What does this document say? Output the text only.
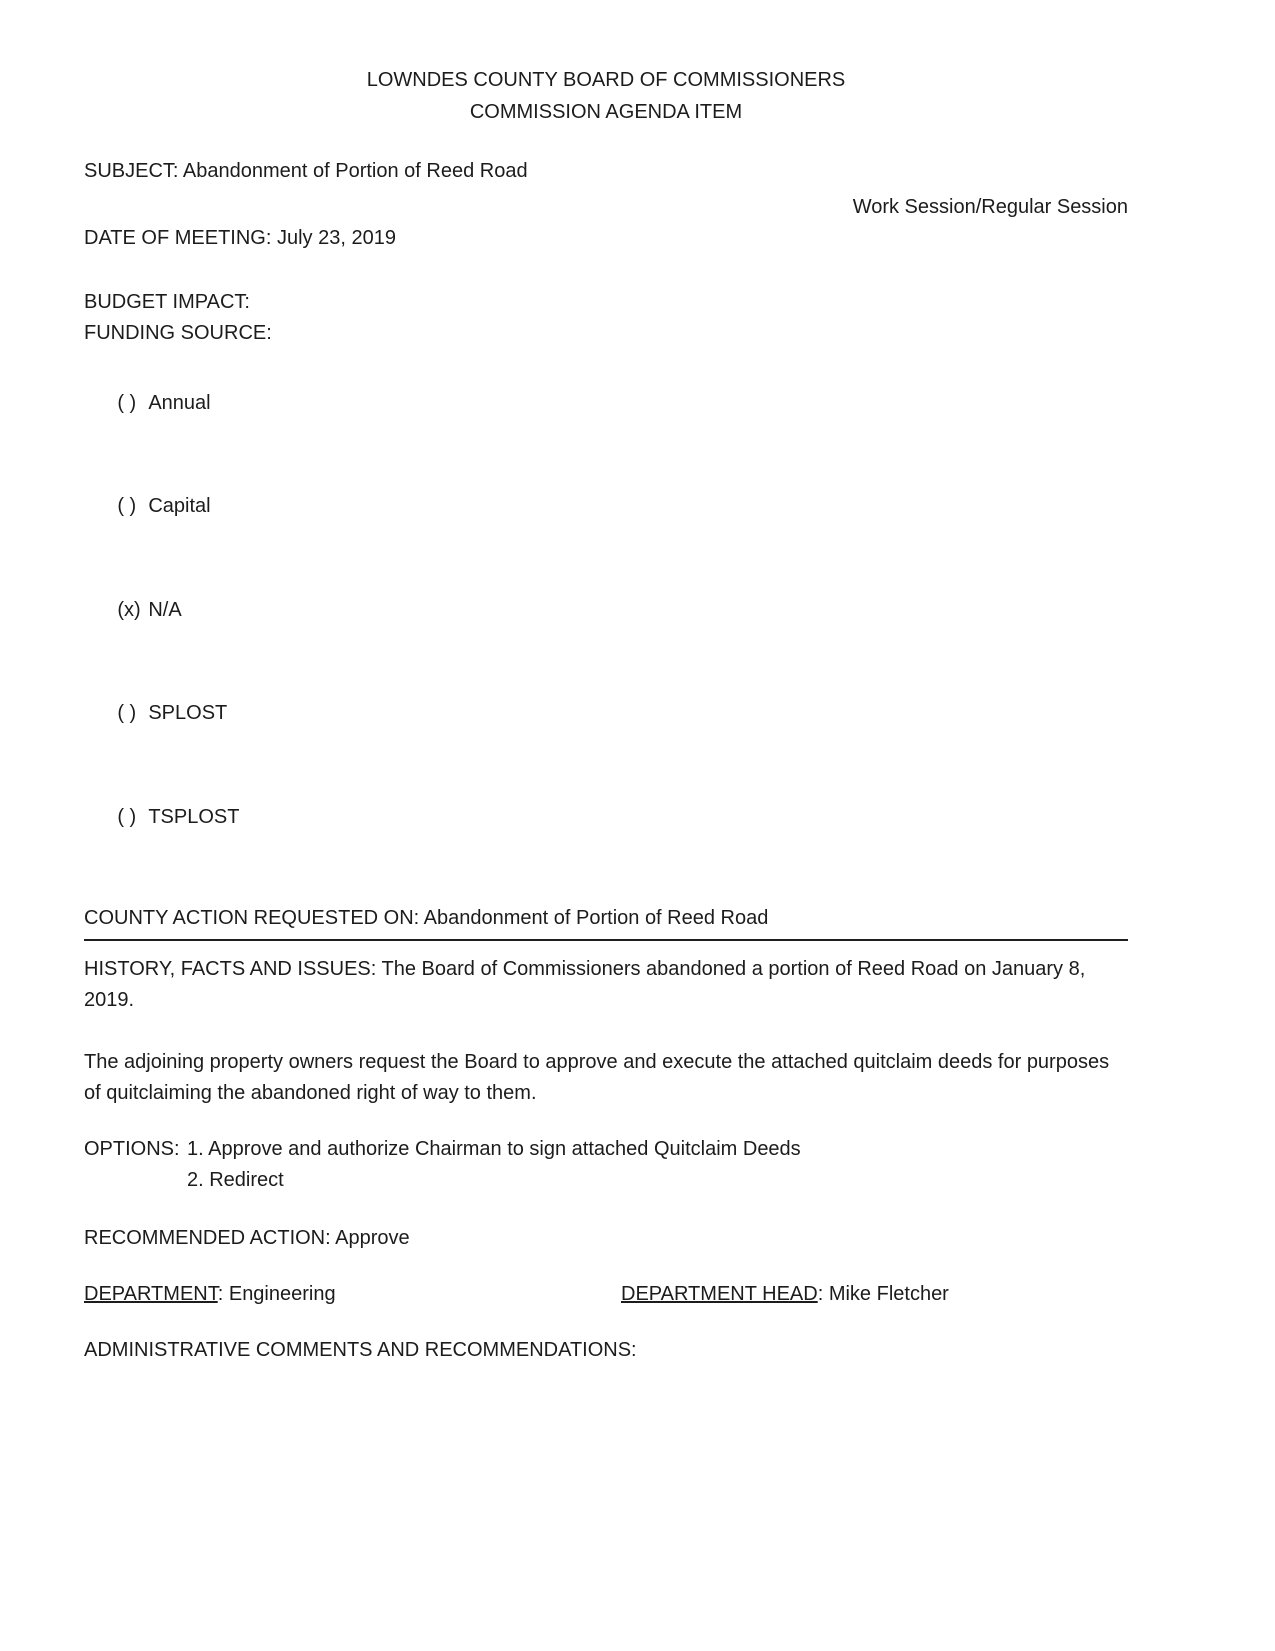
LOWNDES COUNTY BOARD OF COMMISSIONERS
COMMISSION AGENDA ITEM
SUBJECT: Abandonment of Portion of Reed Road
Work Session/Regular Session
DATE OF MEETING: July 23, 2019
BUDGET IMPACT:
FUNDING SOURCE:

( ) Annual

( ) Capital

(x) N/A

( ) SPLOST

( ) TSPLOST

COUNTY ACTION REQUESTED ON: Abandonment of Portion of Reed Road
HISTORY, FACTS AND ISSUES: The Board of Commissioners abandoned a portion of Reed Road on January 8, 2019.
The adjoining property owners request the Board to approve and execute the attached quitclaim deeds for purposes of quitclaiming the abandoned right of way to them.
OPTIONS: 1. Approve and authorize Chairman to sign attached Quitclaim Deeds
2. Redirect
RECOMMENDED ACTION: Approve
DEPARTMENT: Engineering	DEPARTMENT HEAD: Mike Fletcher
ADMINISTRATIVE COMMENTS AND RECOMMENDATIONS:
